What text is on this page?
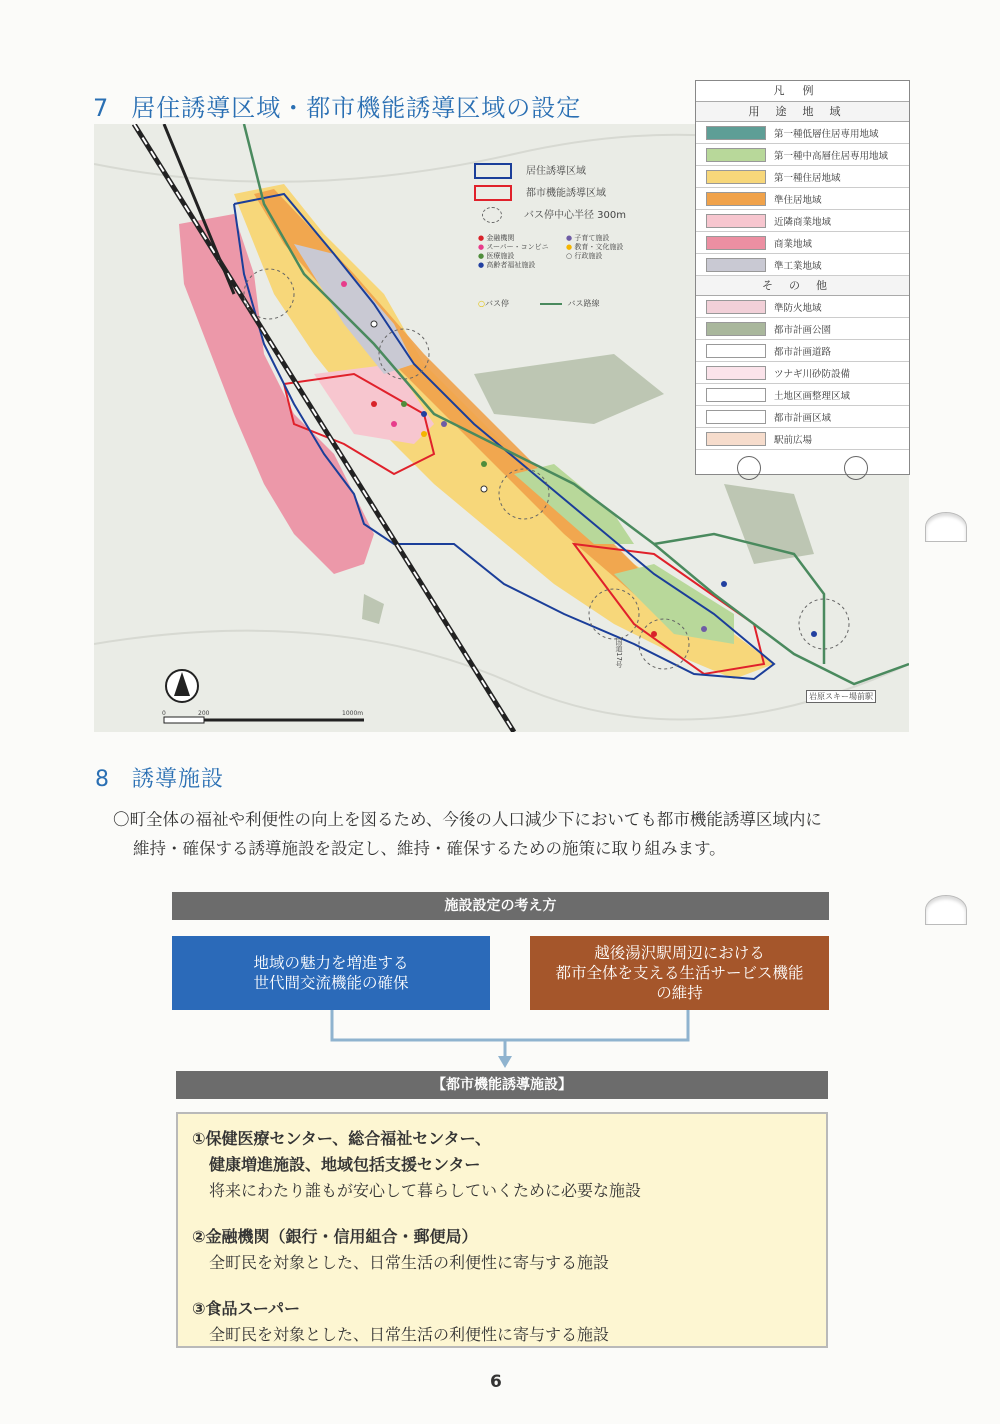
7 居住誘導区域・都市機能誘導区域の設定
居住誘導区域
都市機能誘導区域
バス停中心半径 300m
● 金融機関
● スーパー・コンビニ
● 医療施設
● 高齢者福祉施設
● 子育て施設
● 教育・文化施設
○ 行政施設
○バス停	バス路線
岩原スキー場前駅
国道17号
0	200	1000m
凡例
用途地域
第一種低層住居専用地域
第一種中高層住居専用地域
第一種住居地域
準住居地域
近隣商業地域
商業地域
準工業地域
その他
準防火地域
都市計画公園
都市計画道路
ツナギ川砂防設備
土地区画整理区域
都市計画区域
駅前広場
8 誘導施設
〇町全体の福祉や利便性の向上を図るため、今後の人口減少下においても都市機能誘導区域内に
維持・確保する誘導施設を設定し、維持・確保するための施策に取り組みます。
施設設定の考え方
地域の魅力を増進する
世代間交流機能の確保
越後湯沢駅周辺における
都市全体を支える生活サービス機能
の維持
【都市機能誘導施設】
①保健医療センター、総合福祉センター、
健康増進施設、地域包括支援センター
将来にわたり誰もが安心して暮らしていくために必要な施設
②金融機関（銀行・信用組合・郵便局）
全町民を対象とした、日常生活の利便性に寄与する施設
③食品スーパー
全町民を対象とした、日常生活の利便性に寄与する施設
6
